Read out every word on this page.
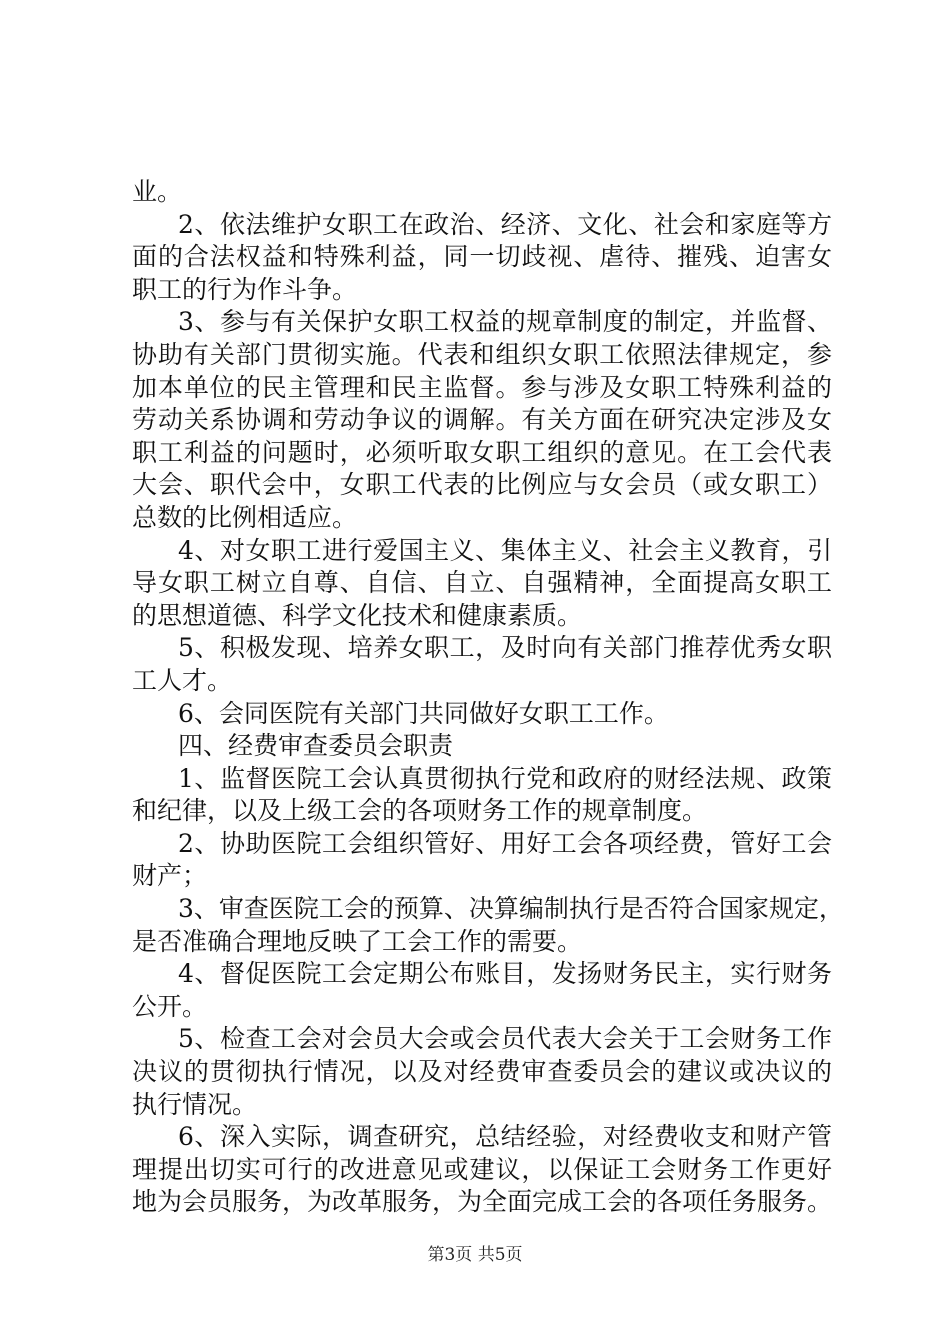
业。
2、依法维护女职工在政治、经济、文化、社会和家庭等方
面的合法权益和特殊利益，同一切歧视、虐待、摧残、迫害女
职工的行为作斗争。
3、参与有关保护女职工权益的规章制度的制定，并监督、
协助有关部门贯彻实施。代表和组织女职工依照法律规定，参
加本单位的民主管理和民主监督。参与涉及女职工特殊利益的
劳动关系协调和劳动争议的调解。有关方面在研究决定涉及女
职工利益的问题时，必须听取女职工组织的意见。在工会代表
大会、职代会中，女职工代表的比例应与女会员（或女职工）
总数的比例相适应。
4、对女职工进行爱国主义、集体主义、社会主义教育，引
导女职工树立自尊、自信、自立、自强精神，全面提高女职工
的思想道德、科学文化技术和健康素质。
5、积极发现、培养女职工，及时向有关部门推荐优秀女职
工人才。
6、会同医院有关部门共同做好女职工工作。
四、经费审查委员会职责
1、监督医院工会认真贯彻执行党和政府的财经法规、政策
和纪律，以及上级工会的各项财务工作的规章制度。
2、协助医院工会组织管好、用好工会各项经费，管好工会
财产；
3、审查医院工会的预算、决算编制执行是否符合国家规定，
是否准确合理地反映了工会工作的需要。
4、督促医院工会定期公布账目，发扬财务民主，实行财务
公开。
5、检查工会对会员大会或会员代表大会关于工会财务工作
决议的贯彻执行情况，以及对经费审查委员会的建议或决议的
执行情况。
6、深入实际，调查研究，总结经验，对经费收支和财产管
理提出切实可行的改进意见或建议，以保证工会财务工作更好
地为会员服务，为改革服务，为全面完成工会的各项任务服务。
第3页 共5页
